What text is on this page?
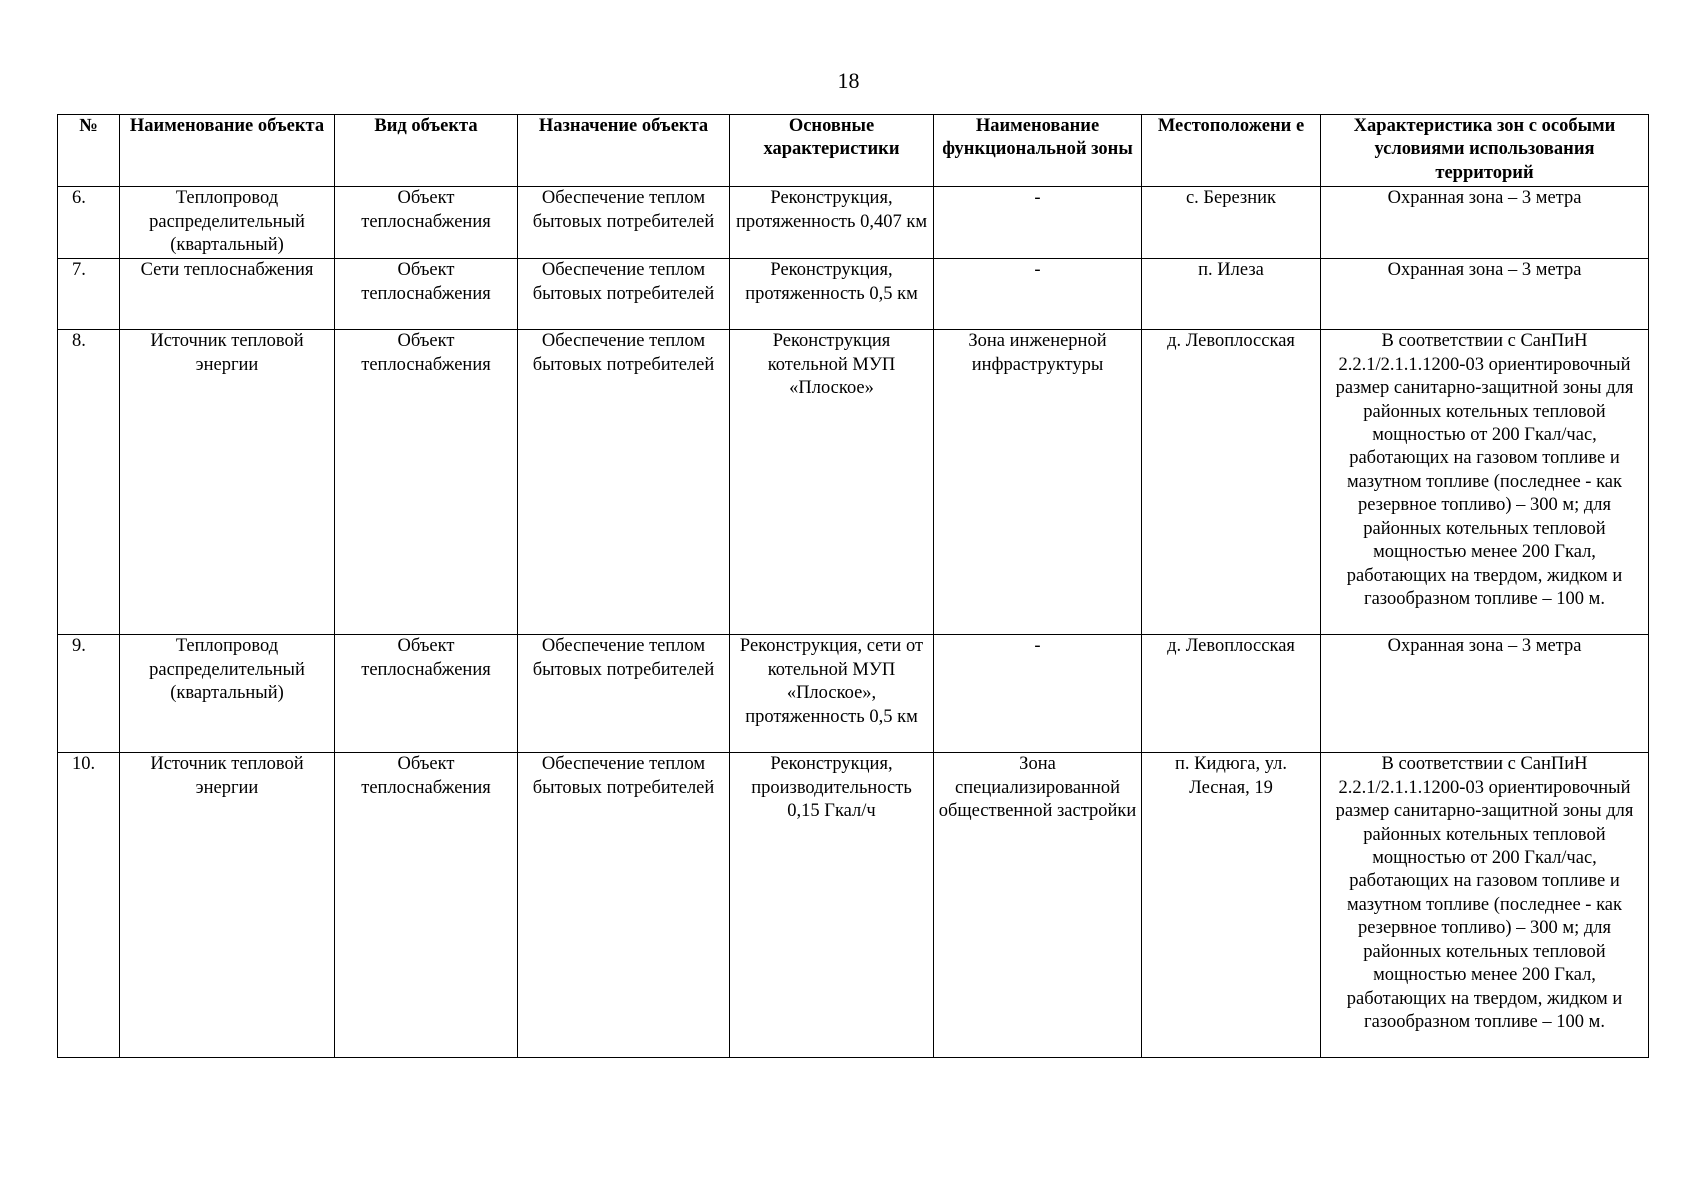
18
№	Наименование объекта	Вид объекта	Назначение объекта	Основные характеристики	Наименование функциональной зоны	Местоположени е	Характеристика зон с особыми условиями использования территорий
6.	Теплопровод распределительный (квартальный)	Объект теплоснабжения	Обеспечение теплом бытовых потребителей	Реконструкция, протяженность 0,407 км	-	с. Березник	Охранная зона – 3 метра
7.	Сети теплоснабжения	Объект теплоснабжения	Обеспечение теплом бытовых потребителей	Реконструкция, протяженность 0,5 км	-	п. Илеза	Охранная зона – 3 метра
8.	Источник тепловой энергии	Объект теплоснабжения	Обеспечение теплом бытовых потребителей	Реконструкция котельной МУП «Плоское»	Зона инженерной инфраструктуры	д. Левоплосская	В соответствии с СанПиН 2.2.1/2.1.1.1200-03 ориентировочный размер санитарно-защитной зоны для районных котельных тепловой мощностью от 200 Гкал/час, работающих на газовом топливе и мазутном топливе (последнее - как резервное топливо) – 300 м; для районных котельных тепловой мощностью менее 200 Гкал, работающих на твердом, жидком и газообразном топливе – 100 м.
9.	Теплопровод распределительный (квартальный)	Объект теплоснабжения	Обеспечение теплом бытовых потребителей	Реконструкция, сети от котельной МУП «Плоское», протяженность 0,5 км	-	д. Левоплосская	Охранная зона – 3 метра
10.	Источник тепловой энергии	Объект теплоснабжения	Обеспечение теплом бытовых потребителей	Реконструкция, производительность 0,15 Гкал/ч	Зона специализированной общественной застройки	п. Кидюга, ул. Лесная, 19	В соответствии с СанПиН 2.2.1/2.1.1.1200-03 ориентировочный размер санитарно-защитной зоны для районных котельных тепловой мощностью от 200 Гкал/час, работающих на газовом топливе и мазутном топливе (последнее - как резервное топливо) – 300 м; для районных котельных тепловой мощностью менее 200 Гкал, работающих на твердом, жидком и газообразном топливе – 100 м.
